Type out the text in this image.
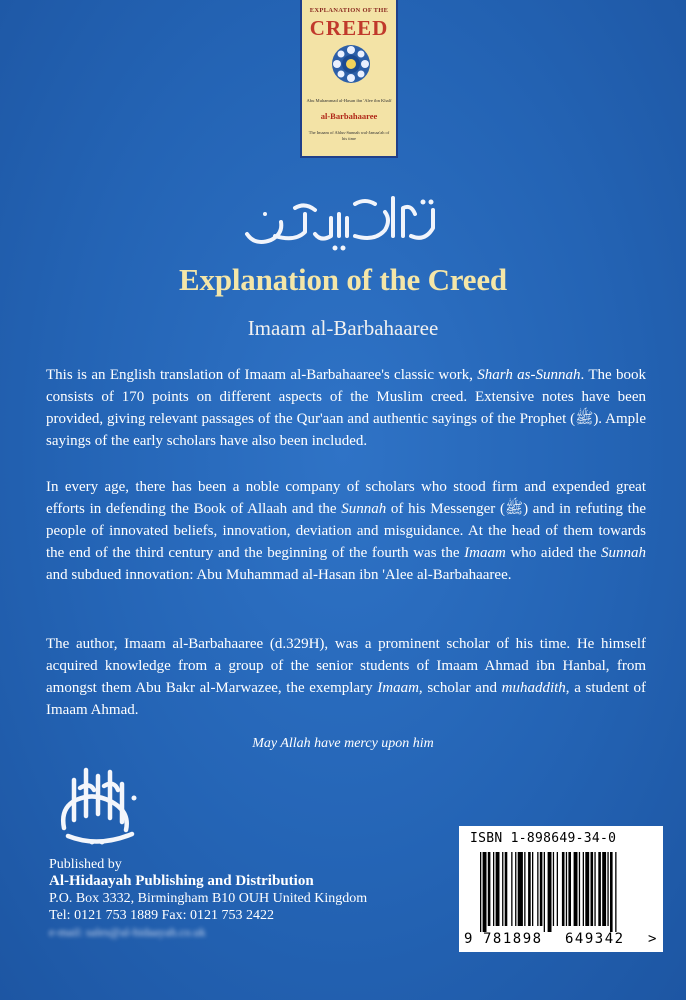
EXPLANATION OF THE
CREED
Abu Muhammad al-Hasan ibn 'Alee ibn Khalf
al-Barbahaaree
The Imaam of Ahlus-Sunnah wal-Jamaa'ah of his time
Explanation of the Creed
Imaam al-Barbahaaree

This is an English translation of Imaam al-Barbahaaree's classic work, Sharh as-Sunnah. The book consists of 170 points on different aspects of the Muslim creed. Extensive notes have been provided, giving relevant passages of the Qur'aan and authentic sayings of the Prophet (ﷺ). Ample sayings of the early scholars have also been included.

In every age, there has been a noble company of scholars who stood firm and expended great efforts in defending the Book of Allaah and the Sunnah of his Messenger (ﷺ) and in refuting the people of innovated beliefs, innovation, deviation and misguidance. At the head of them towards the end of the third century and the beginning of the fourth was the Imaam who aided the Sunnah and subdued innovation: Abu Muhammad al-Hasan ibn 'Alee al-Barbahaaree.

The author, Imaam al-Barbahaaree (d.329H), was a prominent scholar of his time. He himself acquired knowledge from a group of the senior students of Imaam Ahmad ibn Hanbal, from amongst them Abu Bakr al-Marwazee, the exemplary Imaam, scholar and muhaddith, a student of Imaam Ahmad.

May Allah have mercy upon him
Published by
Al-Hidaayah Publishing and Distribution
P.O. Box 3332, Birmingham B10 OUH United Kingdom
Tel: 0121 753 1889 Fax: 0121 753 2422
e-mail: sales@al-hidaayah.co.uk
ISBN 1-898649-34-0
9 781898 649342 >
